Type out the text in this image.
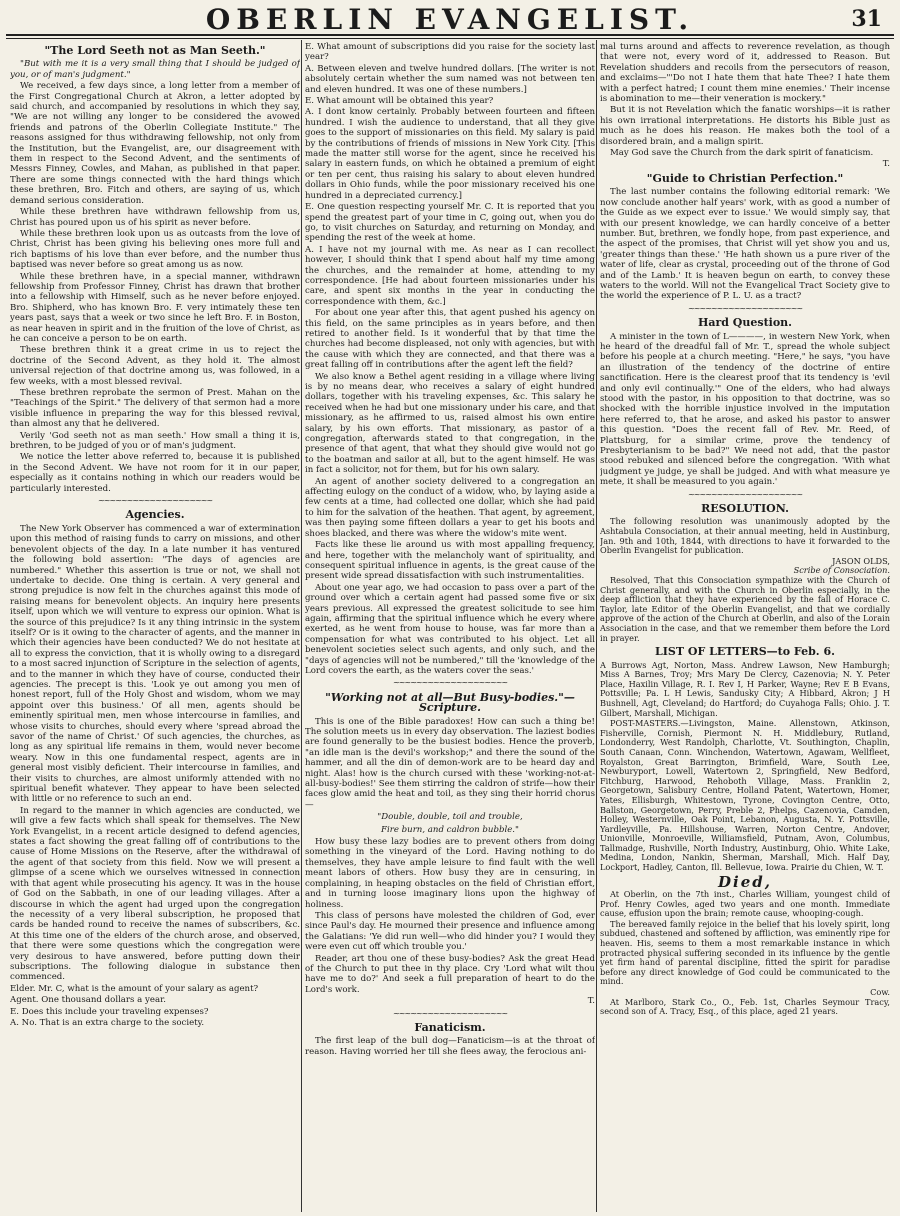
OBERLIN EVANGELIST.	31
"The Lord Seeth not as Man Seeth."

"But with me it is a very small thing that I should be judged of you, or of man's judgment."

We received, a few days since, a long letter from a member of the First Congregational Church at Akron, a letter adopted by said church, and accompanied by resolutions in which they say, "We are not willing any longer to be considered the avowed friends and patrons of the Oberlin Collegiate Institute." The reasons assigned for thus withdrawing fellowship, not only from the Institution, but the Evangelist, are, our disagreement with them in respect to the Second Advent, and the sentiments of Messrs Finney, Cowles, and Mahan, as published in that paper. There are some things connected with the hard things which these brethren, Bro. Fitch and others, are saying of us, which demand serious consideration.

While these brethren have withdrawn fellowship from us, Christ has poured upon us of his spirit as never before.

While these brethren look upon us as outcasts from the love of Christ, Christ has been giving his believing ones more full and rich baptisms of his love than ever before, and the number thus baptised was never before so great among us as now.

While these brethren have, in a special manner, withdrawn fellowship from Professor Finney, Christ has drawn that brother into a fellowship with Himself, such as he never before enjoyed. Bro. Shipherd, who has known Bro. F. very intimately these ten years past, says that a week or two since he left Bro. F. in Boston, as near heaven in spirit and in the fruition of the love of Christ, as he can conceive a person to be on earth.

These brethren think it a great crime in us to reject the doctrine of the Second Advent, as they hold it. The almost universal rejection of that doctrine among us, was followed, in a few weeks, with a most blessed revival.

These brethren reprobate the sermon of Prest. Mahan on the "Teachings of the Spirit." The delivery of that sermon had a more visible influence in preparing the way for this blessed revival, than almost any that he delivered.

Verily 'God seeth not as man seeth.' How small a thing it is, brethren, to be judged of you or of man's judgment.

We notice the letter above referred to, because it is published in the Second Advent. We have not room for it in our paper, especially as it contains nothing in which our readers would be particularly interested.

~~~~~~~~~~~~~~~~~~~~
Agencies.

The New York Observer has commenced a war of extermination upon this method of raising funds to carry on missions, and other benevolent objects of the day. In a late number it has ventured the following bold assertion: "The days of agencies are numbered." Whether this assertion is true or not, we shall not undertake to decide. One thing is certain. A very general and strong prejudice is now felt in the churches against this mode of raising means for benevolent objects. An inquiry here presents itself, upon which we will venture to express our opinion. What is the source of this prejudice? Is it any thing intrinsic in the system itself? Or is it owing to the character of agents, and the manner in which their agencies have been conducted? We do not hesitate at all to express the conviction, that it is wholly owing to a disregard to a most sacred injunction of Scripture in the selection of agents, and to the manner in which they have of course, conducted their agencies. The precept is this. 'Look ye out among you men of honest report, full of the Holy Ghost and wisdom, whom we may appoint over this business.' Of all men, agents should be eminently spiritual men, men whose intercourse in families, and whose visits to churches, should every where 'spread abroad the savor of the name of Christ.' Of such agencies, the churches, as long as any spiritual life remains in them, would never become weary. Now in this one fundamental respect, agents are in general most visibly deficient. Their intercourse in families, and their visits to churches, are almost uniformly attended with no spiritual benefit whatever. They appear to have been selected with little or no reference to such an end.

In regard to the manner in which agencies are conducted, we will give a few facts which shall speak for themselves. The New York Evangelist, in a recent article designed to defend agencies, states a fact showing the great falling off of contributions to the cause of Home Missions on the Reserve, after the withdrawal of the agent of that society from this field. Now we will present a glimpse of a scene which we ourselves witnessed in connection with that agent while prosecuting his agency. It was in the house of God on the Sabbath, in one of our leading villages. After a discourse in which the agent had urged upon the congregation the necessity of a very liberal subscription, he proposed that cards be handed round to receive the names of subscribers, &c. At this time one of the elders of the church arose, and observed, that there were some questions which the congregation were very desirous to have answered, before putting down their subscriptions. The following dialogue in substance then commenced.

Elder. Mr. C, what is the amount of your salary as agent?

Agent. One thousand dollars a year.

E. Does this include your traveling expenses?

A. No. That is an extra charge to the society.

E. What amount of subscriptions did you raise for the society last year?

A. Between eleven and twelve hundred dollars. [The writer is not absolutely certain whether the sum named was not between ten and eleven hundred. It was one of these numbers.]

E. What amount will be obtained this year?

A. I dont know certainly. Probably between fourteen and fifteen hundred. I wish the audience to understand, that all they give goes to the support of missionaries on this field. My salary is paid by the contributions of friends of missions in New York City. [This made the matter still worse for the agent, since he received his salary in eastern funds, on which he obtained a premium of eight or ten per cent, thus raising his salary to about eleven hundred dollars in Ohio funds, while the poor missionary received his one hundred in a depreciated currency.]

E. One question respecting yourself Mr. C. It is reported that you spend the greatest part of your time in C, going out, when you do go, to visit churches on Saturday, and returning on Monday, and spending the rest of the week at home.

A. I have not my journal with me. As near as I can recollect however, I should think that I spend about half my time among the churches, and the remainder at home, attending to my correspondence. [He had about fourteen missionaries under his care, and spent six months in the year in conducting the correspondence with them, &c.]

For about one year after this, that agent pushed his agency on this field, on the same principles as in years before, and then retired to another field. Is it wonderful that by that time the churches had become displeased, not only with agencies, but with the cause with which they are connected, and that there was a great falling off in contributions after the agent left the field?

We also know a Bethel agent residing in a village where living is by no means dear, who receives a salary of eight hundred dollars, together with his traveling expenses, &c. This salary he received when he had but one missionary under his care, and that missionary, as he affirmed to us, raised almost his own entire salary, by his own efforts. That missionary, as pastor of a congregation, afterwards stated to that congregation, in the presence of that agent, that what they should give would not go to the boatman and sailor at all, but to the agent himself. He was in fact a solicitor, not for them, but for his own salary.

An agent of another society delivered to a congregation an affecting eulogy on the conduct of a widow, who, by laying aside a few cents at a time, had collected one dollar, which she had paid to him for the salvation of the heathen. That agent, by agreement, was then paying some fifteen dollars a year to get his boots and shoes blacked, and there was where the widow's mite went.

Facts like these lie around us with most appalling frequency, and here, together with the melancholy want of spirituality, and consequent spiritual influence in agents, is the great cause of the present wide spread dissatisfaction with such instrumentalities.

About one year ago, we had occasion to pass over a part of the ground over which a certain agent had passed some five or six years previous. All expressed the greatest solicitude to see him again, affirming that the spiritual influence which he every where exerted, as he went from house to house, was far more than a compensation for what was contributed to his object. Let all benevolent societies select such agents, and only such, and the "days of agencies will not be numbered," till the 'knowledge of the Lord covers the earth, as the waters cover the seas.'

~~~~~~~~~~~~~~~~~~~~
"Working not at all—But Busy-bodies."—Scripture.

This is one of the Bible paradoxes! How can such a thing be! The solution meets us in every day observation. The laziest bodies are found generally to be the busiest bodies. Hence the proverb, "an idle man is the devil's workshop;" and there the sound of the hammer, and all the din of demon-work are to be heard day and night. Alas! how is the church cursed with these 'working-not-at-all-busy-bodies!' See them stirring the caldron of strife—how their faces glow amid the heat and toil, as they sing their horrid chorus—

"Double, double, toil and trouble,
Fire burn, and caldron bubble."

How busy these lazy bodies are to prevent others from doing something in the vineyard of the Lord. Having nothing to do themselves, they have ample leisure to find fault with the well meant labors of others. How busy they are in censuring, in complaining, in heaping obstacles on the field of Christian effort, and in turning loose imaginary lions upon the highway of holiness.

This class of persons have molested the children of God, ever since Paul's day. He mourned their presence and influence among the Galatians: 'Ye did run well—who did hinder you? I would they were even cut off which trouble you.'

Reader, art thou one of these busy-bodies? Ask the great Head of the Church to put thee in thy place. Cry 'Lord what wilt thou have me to do?' And seek a full preparation of heart to do the Lord's work.

T.
~~~~~~~~~~~~~~~~~~~~
Fanaticism.

The first leap of the bull dog—Fanaticism—is at the throat of reason. Having worried her till she flees away, the ferocious ani-

mal turns around and affects to reverence revelation, as though that were not, every word of it, addressed to Reason. But Revelation shudders and recoils from the persecutors of reason, and exclaims—"'Do not I hate them that hate Thee? I hate them with a perfect hatred; I count them mine enemies.' Their incense is abomination to me—their veneration is mockery."

But it is not Revelation which the fanatic worships—it is rather his own irrational interpretations. He distorts his Bible just as much as he does his reason. He makes both the tool of a disordered brain, and a malign spirit.

May God save the Church from the dark spirit of fanaticism.

T.
"Guide to Christian Perfection."

The last number contains the following editorial remark: 'We now conclude another half years' work, with as good a number of the Guide as we expect ever to issue.' We would simply say, that with our present knowledge, we can hardly conceive of a better number. But, brethren, we fondly hope, from past experience, and the aspect of the promises, that Christ will yet show you and us, 'greater things than these.' 'He hath shown us a pure river of the water of life, clear as crystal, proceeding out of the throne of God and of the Lamb.' It is heaven begun on earth, to convey these waters to the world. Will not the Evangelical Tract Society give to the world the experience of P. L. U. as a tract?

~~~~~~~~~~~~~~~~~~~~
Hard Question.

A minister in the town of L————, in western New York, when he heard of the dreadful fall of Mr. T., spread the whole subject before his people at a church meeting. "Here," he says, "you have an illustration of the tendency of the doctrine of entire sanctification. Here is the clearest proof that its tendency is 'evil and only evil continually.'" One of the elders, who had always stood with the pastor, in his opposition to that doctrine, was so shocked with the horrible injustice involved in the imputation here referred to, that he arose, and asked his pastor to answer this question. "Does the recent fall of Rev. Mr. Reed, of Plattsburg, for a similar crime, prove the tendency of Presbyterianism to be bad?" We need not add, that the pastor stood rebuked and silenced before the congregation. 'With what judgment ye judge, ye shall be judged. And with what measure ye mete, it shall be measured to you again.'

~~~~~~~~~~~~~~~~~~~~
RESOLUTION.

The following resolution was unanimously adopted by the Ashtabula Consociation, at their annual meeting, held in Austinburg, Jan. 9th and 10th, 1844, with directions to have it forwarded to the Oberlin Evangelist for publication.

JASON OLDS,
Scribe of Consociation.

Resolved, That this Consociation sympathize with the Church of Christ generally, and with the Church in Oberlin especially, in the deep affliction that they have experienced by the fall of Horace C. Taylor, late Editor of the Oberlin Evangelist, and that we cordially approve of the action of the Church at Oberlin, and also of the Lorain Association in the case, and that we remember them before the Lord in prayer.

LIST OF LETTERS—to Feb. 6.

A Burrows Agt, Norton, Mass. Andrew Lawson, New Hamburgh; Miss A Barnes, Troy; Mrs Mary De Clercy, Cazenovia; N. Y. Peter Place, Haxilin Village, R. I. Rev I, H Parker, Wayne; Rev E B Evans, Pottsville; Pa. L H Lewis, Sandusky City; A Hibbard, Akron; J H Bushnell, Agt, Cleveland; do Hartford; do Cuyahoga Falls; Ohio. J. T. Gilbert, Marshall, Michigan.

POST-MASTERS.—Livingston, Maine. Allenstown, Atkinson, Fisherville, Cornish, Piermont N. H. Middlebury, Rutland, Londonderry, West Randolph, Charlotte, Vt. Southington, Chaplin, South Canaan, Conn. Winchendon, Watertown, Agawam, Wellfleet, Royalston, Great Barrington, Brimfield, Ware, South Lee, Newburyport, Lowell, Watertown 2, Springfield, New Bedford, Fitchburg, Harwood, Rehoboth Village, Mass. Franklin 2, Georgetown, Salisbury Centre, Holland Patent, Watertown, Homer, Yates, Ellisburgh, Whitestown, Tyrone, Covington Centre, Otto, Ballston, Georgetown, Perry, Preble 2, Phelps, Cazenovia, Camden, Holley, Westernville, Oak Point, Lebanon, Augusta, N. Y. Pottsville, Yardleyville, Pa. Hillshouse, Warren, Norton Centre, Andover, Unionville, Monroeville, Williamsfield, Putnam, Avon, Columbus, Tallmadge, Rushville, North Industry, Austinburg, Ohio. White Lake, Medina, London, Nankin, Sherman, Marshall, Mich. Half Day, Lockport, Hadley, Canton, Ill. Bellevue, Iowa. Prairie du Chien, W. T.

Died,

At Oberlin, on the 7th inst., Charles William, youngest child of Prof. Henry Cowles, aged two years and one month. Immediate cause, effusion upon the brain; remote cause, whooping-cough.

The bereaved family rejoice in the belief that his lovely spirit, long subdued, chastened and softened by affliction, was eminently ripe for heaven. His, seems to them a most remarkable instance in which protracted physical suffering seconded in its influence by the gentle yet firm hand of parental discipline, fitted the spirit for paradise before any direct knowledge of God could be communicated to the mind.

Cow.

At Marlboro, Stark Co., O., Feb. 1st, Charles Seymour Tracy, second son of A. Tracy, Esq., of this place, aged 21 years.
